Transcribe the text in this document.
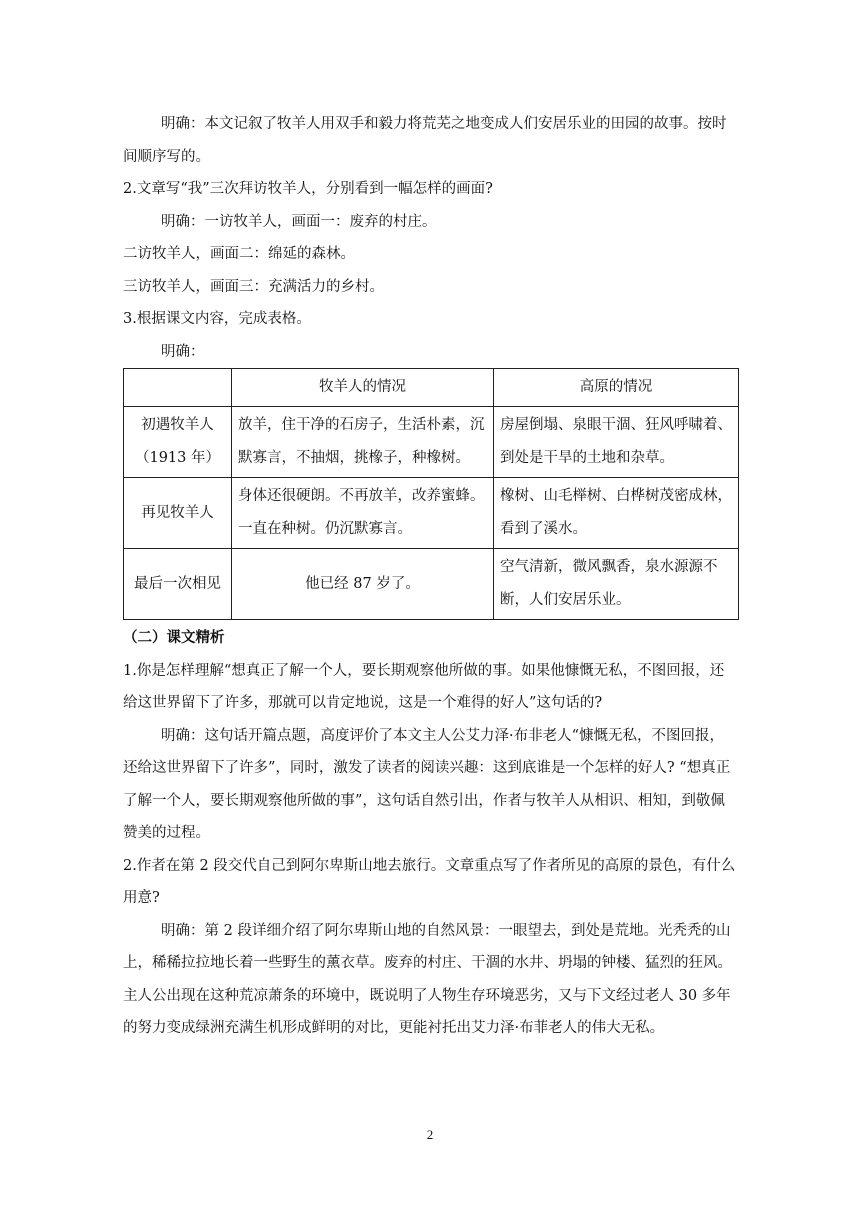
明确：本文记叙了牧羊人用双手和毅力将荒芜之地变成人们安居乐业的田园的故事。按时间顺序写的。

2.文章写“我”三次拜访牧羊人，分别看到一幅怎样的画面?

明确：一访牧羊人，画面一：废弃的村庄。

二访牧羊人，画面二：绵延的森林。

三访牧羊人，画面三：充满活力的乡村。

3.根据课文内容，完成表格。

明确：

	牧羊人的情况	高原的情况

初遇牧羊人
（1913 年）	放羊，住干净的石房子，生活朴素，沉默寡言，不抽烟，挑橡子，种橡树。	房屋倒塌、泉眼干涸、狂风呼啸着、到处是干旱的土地和杂草。

再见牧羊人	身体还很硬朗。不再放羊，改养蜜蜂。一直在种树。仍沉默寡言。	橡树、山毛榉树、白桦树茂密成林，看到了溪水。

最后一次相见	他已经 87 岁了。	空气清新，微风飘香，泉水源源不断，人们安居乐业。

（二）课文精析

1.你是怎样理解“想真正了解一个人，要长期观察他所做的事。如果他慷慨无私，不图回报，还给这世界留下了许多，那就可以肯定地说，这是一个难得的好人”这句话的?

明确：这句话开篇点题，高度评价了本文主人公艾力泽·布非老人“慷慨无私，不图回报，还给这世界留下了许多”，同时，激发了读者的阅读兴趣：这到底谁是一个怎样的好人? “想真正了解一个人，要长期观察他所做的事”，这句话自然引出，作者与牧羊人从相识、相知，到敬佩赞美的过程。

2.作者在第 2 段交代自己到阿尔卑斯山地去旅行。文章重点写了作者所见的高原的景色，有什么用意?

明确：第 2 段详细介绍了阿尔卑斯山地的自然风景：一眼望去，到处是荒地。光秃秃的山上，稀稀拉拉地长着一些野生的薰衣草。废弃的村庄、干涸的水井、坍塌的钟楼、猛烈的狂风。主人公出现在这种荒凉萧条的环境中，既说明了人物生存环境恶劣，又与下文经过老人 30 多年的努力变成绿洲充满生机形成鲜明的对比，更能衬托出艾力泽·布菲老人的伟大无私。

2
